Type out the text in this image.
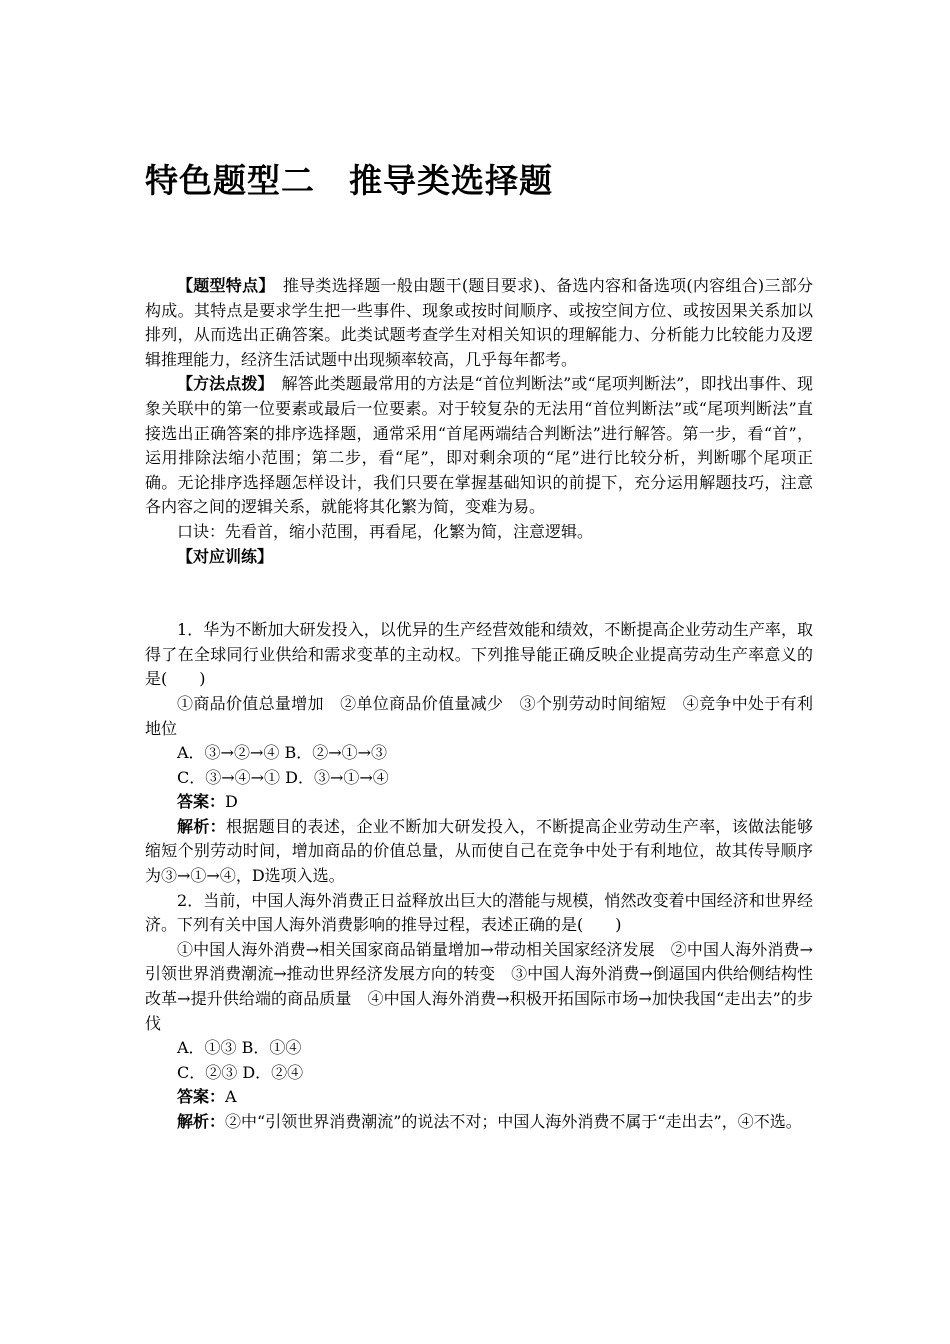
特色题型二　推导类选择题

【题型特点】　推导类选择题一般由题干(题目要求)、备选内容和备选项(内容组合)三部分构成。其特点是要求学生把一些事件、现象或按时间顺序、或按空间方位、或按因果关系加以排列，从而选出正确答案。此类试题考查学生对相关知识的理解能力、分析能力比较能力及逻辑推理能力，经济生活试题中出现频率较高，几乎每年都考。

【方法点拨】　解答此类题最常用的方法是“首位判断法”或“尾项判断法”，即找出事件、现象关联中的第一位要素或最后一位要素。对于较复杂的无法用“首位判断法”或“尾项判断法”直接选出正确答案的排序选择题，通常采用“首尾两端结合判断法”进行解答。第一步，看“首”，运用排除法缩小范围；第二步，看“尾”，即对剩余项的“尾”进行比较分析，判断哪个尾项正确。无论排序选择题怎样设计，我们只要在掌握基础知识的前提下，充分运用解题技巧，注意各内容之间的逻辑关系，就能将其化繁为简，变难为易。

口诀：先看首，缩小范围，再看尾，化繁为简，注意逻辑。

【对应训练】

1．华为不断加大研发投入，以优异的生产经营效能和绩效，不断提高企业劳动生产率，取得了在全球同行业供给和需求变革的主动权。下列推导能正确反映企业提高劳动生产率意义的是(　　)

①商品价值总量增加　②单位商品价值量减少　③个别劳动时间缩短　④竞争中处于有利地位

A．③→②→④ B．②→①→③

C．③→④→① D．③→①→④

答案：D

解析：根据题目的表述，企业不断加大研发投入，不断提高企业劳动生产率，该做法能够缩短个别劳动时间，增加商品的价值总量，从而使自己在竞争中处于有利地位，故其传导顺序为③→①→④，D选项入选。

2．当前，中国人海外消费正日益释放出巨大的潜能与规模，悄然改变着中国经济和世界经济。下列有关中国人海外消费影响的推导过程，表述正确的是(　　)

①中国人海外消费→相关国家商品销量增加→带动相关国家经济发展　②中国人海外消费→引领世界消费潮流→推动世界经济发展方向的转变　③中国人海外消费→倒逼国内供给侧结构性改革→提升供给端的商品质量　④中国人海外消费→积极开拓国际市场→加快我国“走出去”的步伐

A．①③ B．①④

C．②③ D．②④

答案：A

解析：②中“引领世界消费潮流”的说法不对；中国人海外消费不属于“走出去”，④不选。
